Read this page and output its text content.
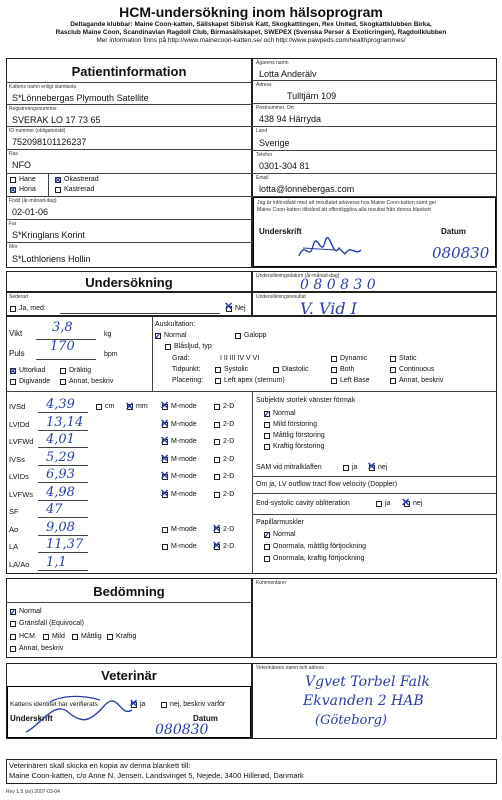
HCM-undersökning inom hälsoprogram
Deltagande klubbar: Maine Coon-katten, Sällskapet Sibirisk Katt, Skogkattlingen, Rex United, Skogkattklubben Birka,
Rasclub Maine Coon, Scandinavian Ragdoll Club, Birmasällskapet, SWEPEX (Svenska Perser & Exoticringen), Ragdollklubben
Mer information finns på http://www.mainecoon-katten.se/ och http://www.pawpeds.com/healthprogrammes/
Patientinformation
Kattens namn enligt stamtavla
S*Lönnebergas Plymouth Satellite
Registreringsnummer
SVERAK LO 17 73 65
ID-nummer (obligatoriskt)
752098101126237
Ras
NFO
Hane
✕ Hona
✕ Okastrerad
Kastrerad
Född (år-månad-dag)
02-01-06
Far
S*Kringlans Korint
Mor
S*Lothloriens Hollin
Ägarens namn
Lotta Anderälv
Adress
Tulltjärn 109
Postnummer, Ort
438 94 Härryda
Land
Sverige
Telefon
0301-304 81
Email
lotta@lonnebergas.com
Jag är införstådd med att resultatet arkiveras hos Maine Coon-katten samt ger
Maine Coon-katten tillstånd att offentliggöra alla resultat från denna blankett
Underskrift	Datum
080830
Undersökning	Undersökningsdatum (år-månad-dag)
0 8 0 8 3 0
Sederad
Ja, med:	✕ Nej
Undersökningsresultat
V. Vid I
Vikt 3,8	kg
Puls 170
bpm
✕ Uttorkad	Dräktig
Digivande	Annat, beskriv
Auskultation:
✓ Normal	Galopp
Blåsljud, typ
Grad:	I II III IV V VI
Tidpunkt:
Placering:
Dynamic	Static
Systolic	Diastolic	Both	Continuous
Left apex (sternum)	Left Base	Annat, beskriv
IVSd 4,39	✕ M-mode	2-D
LVIDd 13,14	✕ M-mode	2-D
LVFWd 4,01	✕ M-mode	2-D
IVSs 5,29	✕ M-mode	2-D
LVIDs 6,93	✕ M-mode	2-D
LVFWs 4,98	✕ M-mode	2-D
SF 47
Ao 9,08	M-mode ✕ 2-D
LA 11,37	M-mode ✕ 2-D
LA/Ao 1,1
cm ✕ mm
Subjektiv storlek vänster förmak
✓ Normal
Mild förstoring
Måttlig förstoring
Kraftig förstoring
SAM vid mitralklaffen	ja ✕ nej
Om ja, LV outflow tract flow velocity (Doppler)
End-systolic cavity obliteration	ja ✕ nej
Papillarmuskler
✓ Normal
Onormala, måttlig förtjockning
Onormala, kraftig förtjockning
Bedömning
✓ Normal
Gränsfall (Equivocal)
HCM Mild Måttlig Kraftig
Annat, beskriv
Kommentarer
Veterinär
Kattens identitet har verifierats	✕ ja	nej, beskriv varför
Underskrift	Datum
080830
Veterinärens namn och adress
Vgvet Torbel Falk
Ekvanden 2 HAB
(Göteborg)
Veterinären skall skicka en kopia av denna blankett till:
Maine Coon-katten, c/o Anne N. Jensen, Landsvinget 5, Nejede, 3400 Hillerød, Danmark
Rev 1.5 (sv) 2007-03-04
